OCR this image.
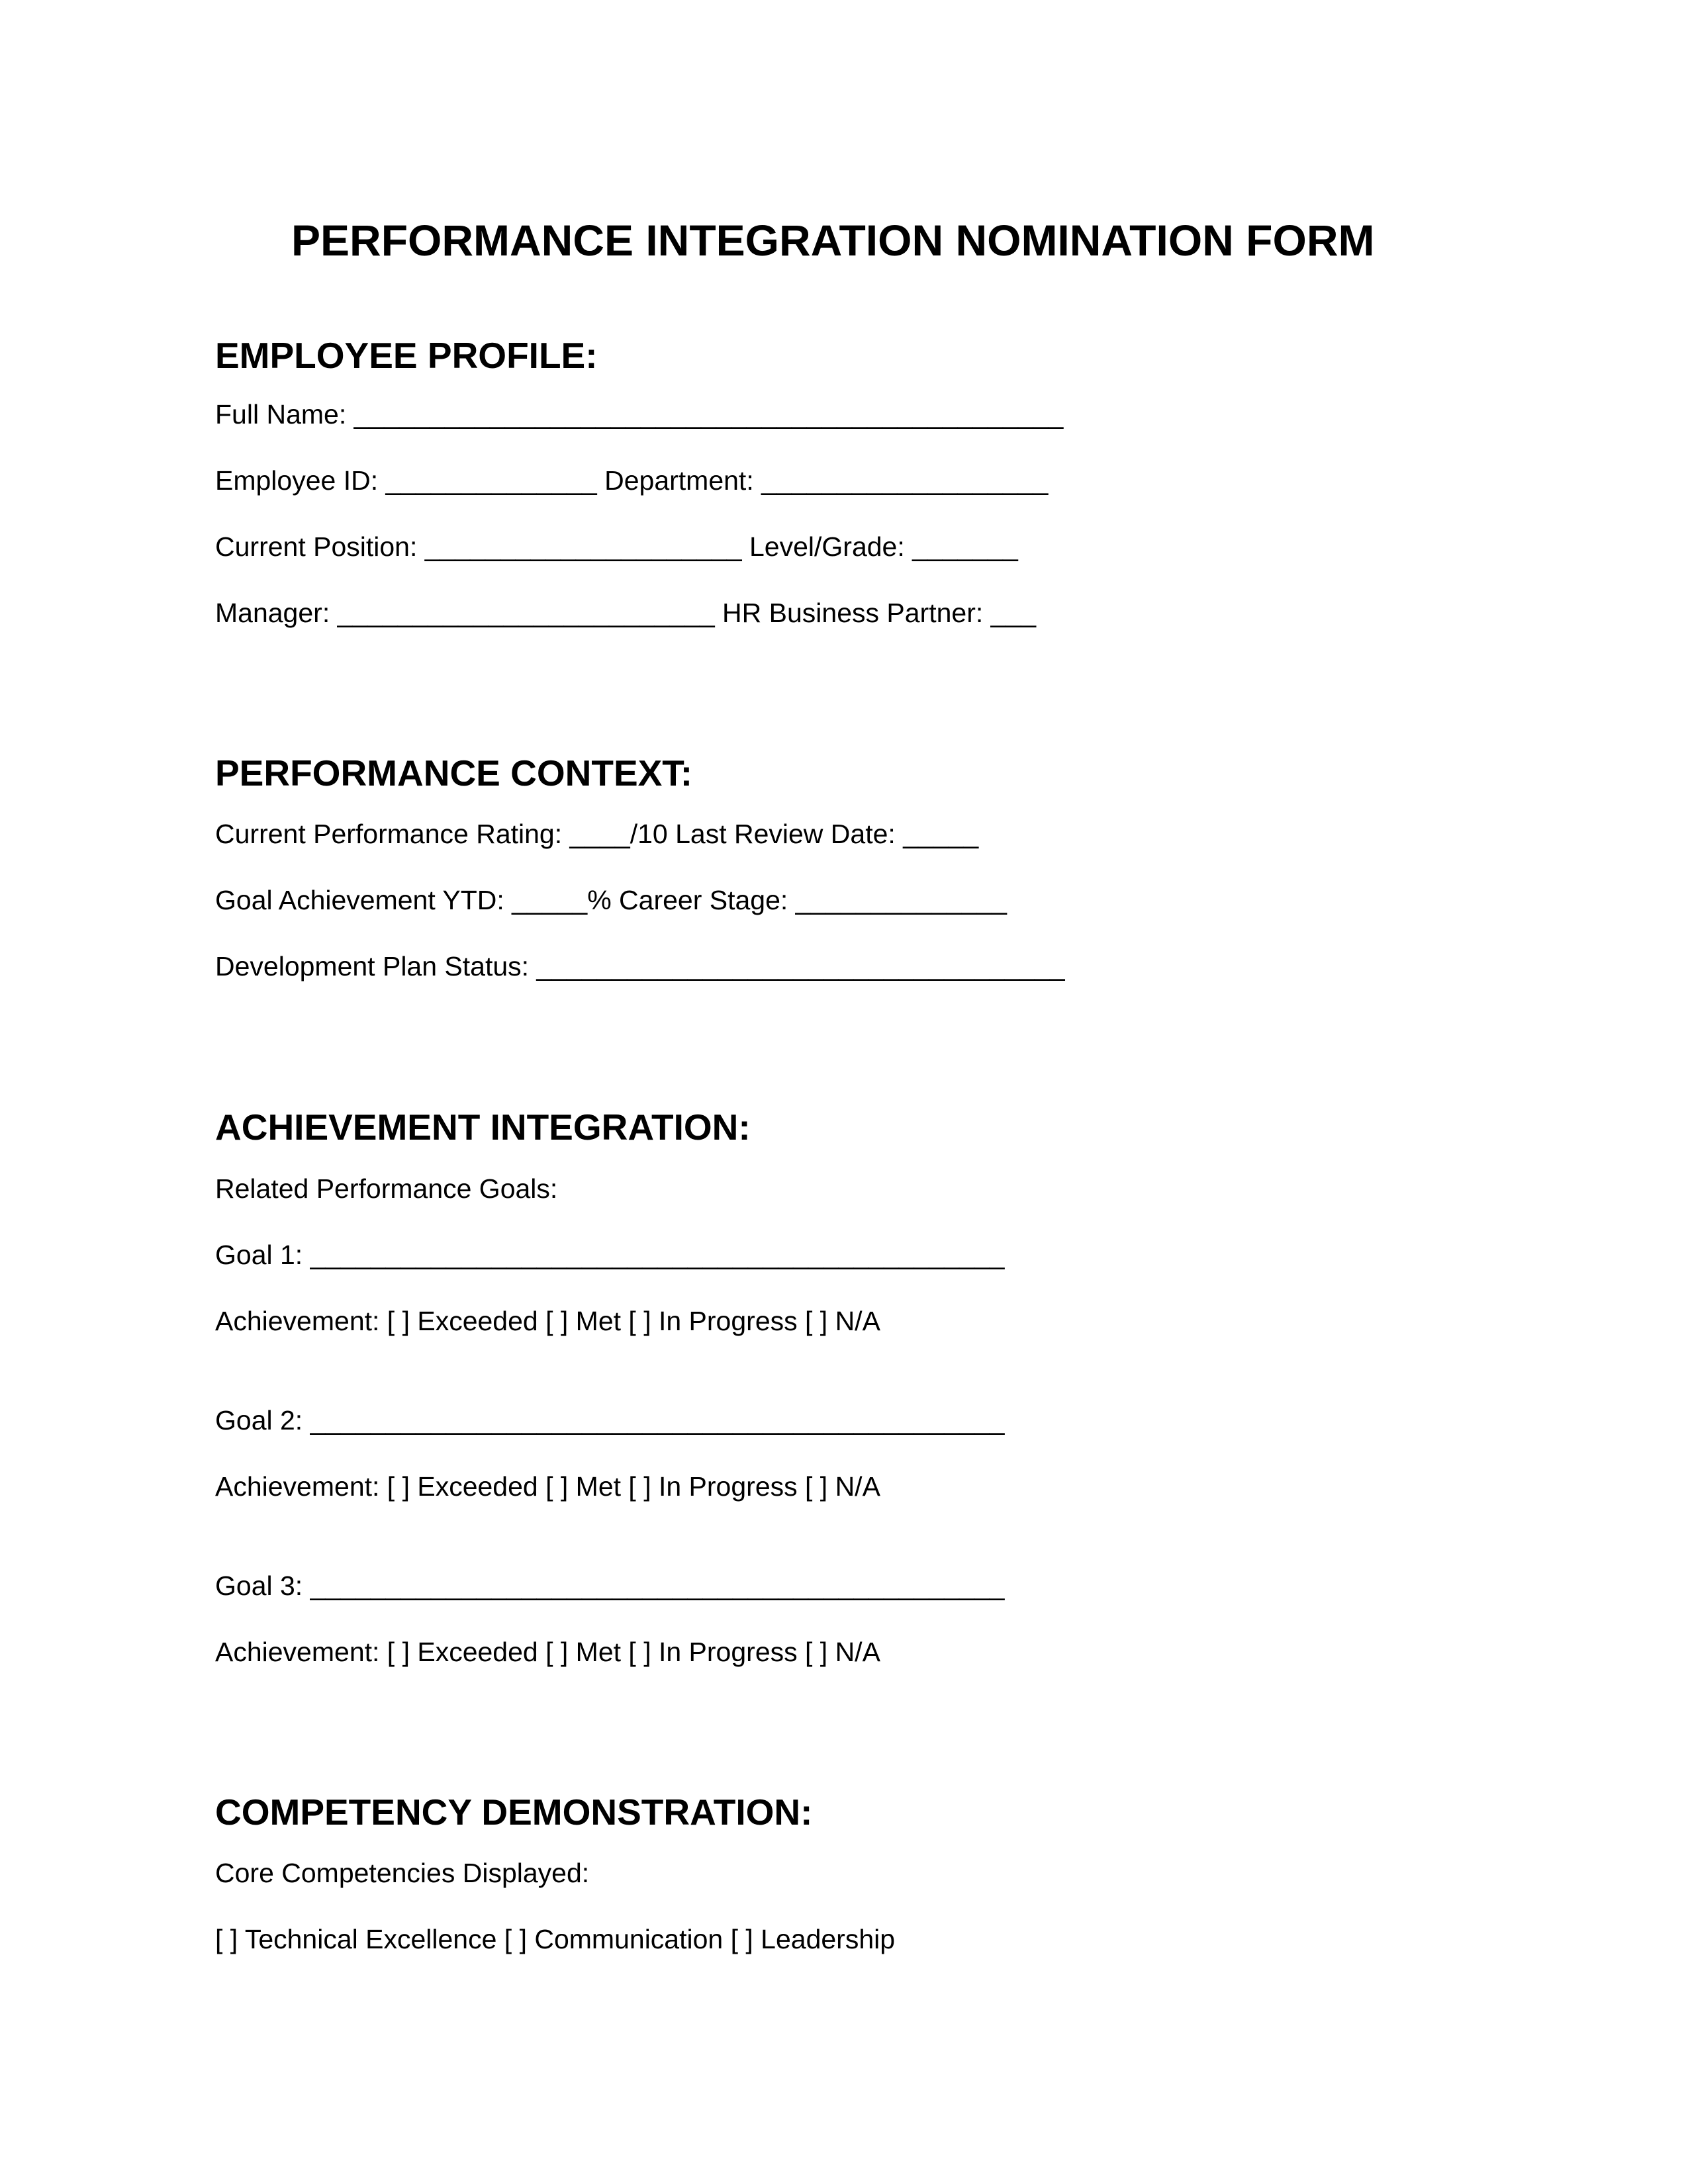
PERFORMANCE INTEGRATION NOMINATION FORM
EMPLOYEE PROFILE:

Full Name: _______________________________________________

Employee ID: ______________ Department: ___________________

Current Position: _____________________ Level/Grade: _______

Manager: _________________________ HR Business Partner: ___

PERFORMANCE CONTEXT:

Current Performance Rating: ____/10 Last Review Date: _____

Goal Achievement YTD: _____% Career Stage: ______________

Development Plan Status: ___________________________________

ACHIEVEMENT INTEGRATION:

Related Performance Goals:

Goal 1: ______________________________________________

Achievement: [ ] Exceeded [ ] Met [ ] In Progress [ ] N/A

Goal 2: ______________________________________________

Achievement: [ ] Exceeded [ ] Met [ ] In Progress [ ] N/A

Goal 3: ______________________________________________

Achievement: [ ] Exceeded [ ] Met [ ] In Progress [ ] N/A

COMPETENCY DEMONSTRATION:

Core Competencies Displayed:

[ ] Technical Excellence [ ] Communication [ ] Leadership
